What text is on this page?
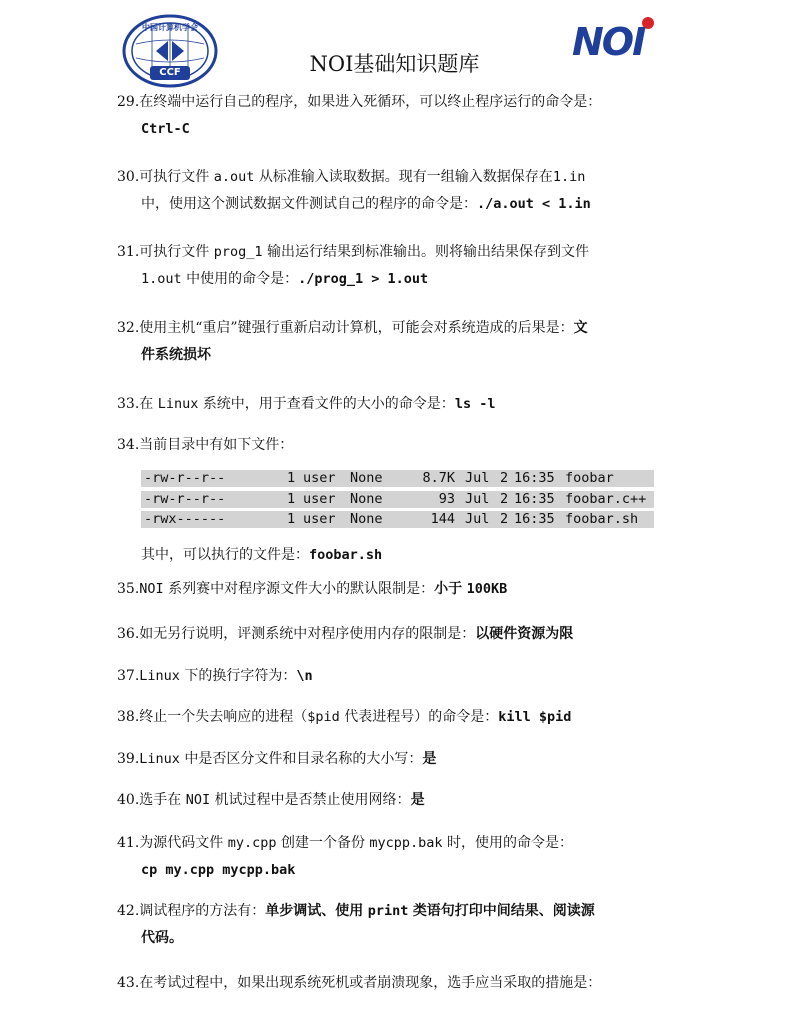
中国计算机学会
CCF	NOI基础知识题库	NOI
29.在终端中运行自己的程序，如果进入死循环，可以终止程序运行的命令是：
Ctrl-C
30.可执行文件 a.out 从标准输入读取数据。现有一组输入数据保存在1.in
中，使用这个测试数据文件测试自己的程序的命令是：./a.out < 1.in
31.可执行文件 prog_1 输出运行结果到标准输出。则将输出结果保存到文件
1.out 中使用的命令是：./prog_1 > 1.out
32.使用主机“重启”键强行重新启动计算机，可能会对系统造成的后果是：文
件系统损坏
33.在 Linux 系统中，用于查看文件的大小的命令是：ls -l
34.当前目录中有如下文件：
-rw-r--r--	1 user None	8.7K Jul 2 16:35 foobar
-rw-r--r--	1 user None	93 Jul 2 16:35 foobar.c++
-rwx------	1 user None	144 Jul 2 16:35 foobar.sh
其中，可以执行的文件是：foobar.sh
35.NOI 系列赛中对程序源文件大小的默认限制是：小于 100KB
36.如无另行说明，评测系统中对程序使用内存的限制是：以硬件资源为限
37.Linux 下的换行字符为：\n
38.终止一个失去响应的进程（$pid 代表进程号）的命令是：kill $pid
39.Linux 中是否区分文件和目录名称的大小写：是
40.选手在 NOI 机试过程中是否禁止使用网络：是
41.为源代码文件 my.cpp 创建一个备份 mycpp.bak 时，使用的命令是：
cp my.cpp mycpp.bak
42.调试程序的方法有：单步调试、使用 print 类语句打印中间结果、阅读源
代码。
43.在考试过程中，如果出现系统死机或者崩溃现象，选手应当采取的措施是：
